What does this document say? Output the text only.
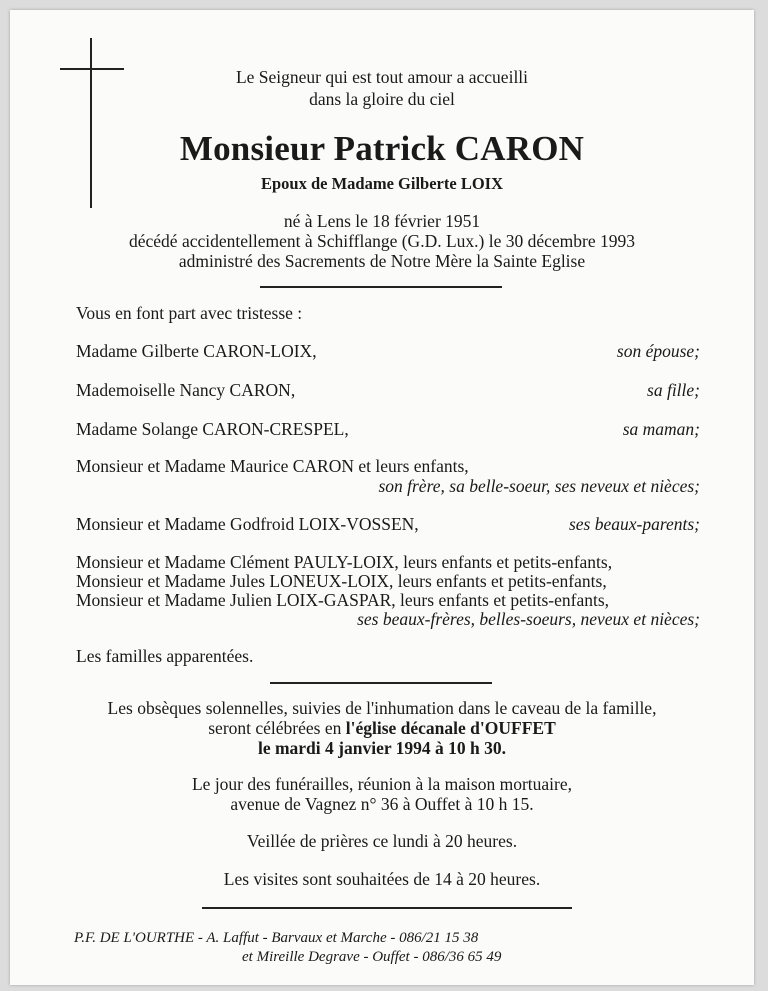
Le Seigneur qui est tout amour a accueilli
dans la gloire du ciel
Monsieur Patrick CARON
Epoux de Madame Gilberte LOIX
né à Lens le 18 février 1951
décédé accidentellement à Schifflange (G.D. Lux.) le 30 décembre 1993
administré des Sacrements de Notre Mère la Sainte Eglise
Vous en font part avec tristesse :
Madame Gilberte CARON-LOIX,	son épouse;
Mademoiselle Nancy CARON,	sa fille;
Madame Solange CARON-CRESPEL,	sa maman;
Monsieur et Madame Maurice CARON et leurs enfants,
son frère, sa belle-soeur, ses neveux et nièces;
Monsieur et Madame Godfroid LOIX-VOSSEN,	ses beaux-parents;
Monsieur et Madame Clément PAULY-LOIX, leurs enfants et petits-enfants,
Monsieur et Madame Jules LONEUX-LOIX, leurs enfants et petits-enfants,
Monsieur et Madame Julien LOIX-GASPAR, leurs enfants et petits-enfants,
ses beaux-frères, belles-soeurs, neveux et nièces;
Les familles apparentées.
Les obsèques solennelles, suivies de l'inhumation dans le caveau de la famille,
seront célébrées en l'église décanale d'OUFFET
le mardi 4 janvier 1994 à 10 h 30.
Le jour des funérailles, réunion à la maison mortuaire,
avenue de Vagnez n° 36 à Ouffet à 10 h 15.
Veillée de prières ce lundi à 20 heures.
Les visites sont souhaitées de 14 à 20 heures.
P.F. DE L'OURTHE - A. Laffut - Barvaux et Marche - 086/21 15 38
et Mireille Degrave - Ouffet - 086/36 65 49
